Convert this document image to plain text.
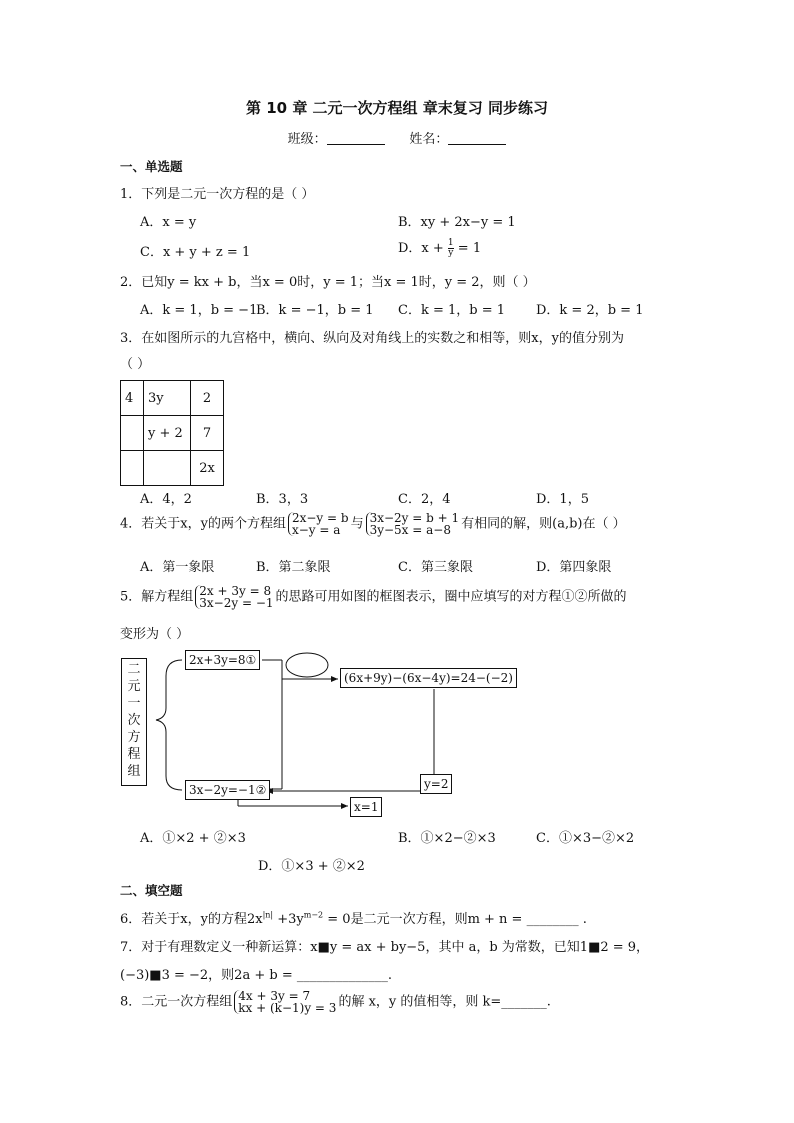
第 10 章 二元一次方程组 章末复习 同步练习
班级：	姓名：
一、单选题
1．下列是二元一次方程的是（ ）
A．x = y	B．xy + 2x−y = 1
C．x + y + z = 1	D．$x + \frac{1}{y} = 1$
2．已知y = kx + b，当x = 0时，y = 1；当x = 1时，y = 2，则（ ）
A．k = 1，b = −1
B．k = −1，b = 1 C．k = 1，b = 1 D．k = 2，b = 1
3．在如图所示的九宫格中，横向、纵向及对角线上的实数之和相等，则x，y的值分别为
（ ）
4	3y	2
	y + 2	7
		2x
A．4，2	B．3，3	C．2，4	D．1，5
4．若关于x，y的两个方程组 2x−y = b
x−y = a 与 3x−2y = b + 1
3y−5x = a−8 有相同的解，则(a,b)在（ ）
A．第一象限	B．第二象限	C．第三象限	D．第四象限
5．解方程组 2x + 3y = 8
3x−2y = −1 的思路可用如图的框图表示，圈中应填写的对方程①②所做的
变形为（ ）
二
元
一
次
方
程
组
2x+3y=8①
(6x+9y)−(6x−4y)=24−(−2)
y=2
3x−2y=−1②
x=1
A．①×2 + ②×3	B．①×2−②×3	C．①×3−②×2
D．①×3 + ②×2
二、填空题
6．若关于x，y的方程$2x^{|n|} +3y^{m-2} = 0$是二元一次方程，则m + n = ________ .
7．对于有理数定义一种新运算：x■y = ax + by−5，其中 a，b 为常数，已知1■2 = 9，
(−3)■3 = −2，则2a + b = ______________.
8．二元一次方程组 4x + 3y = 7
kx + (k−1)y = 3 的解 x，y 的值相等，则 k=_______.
